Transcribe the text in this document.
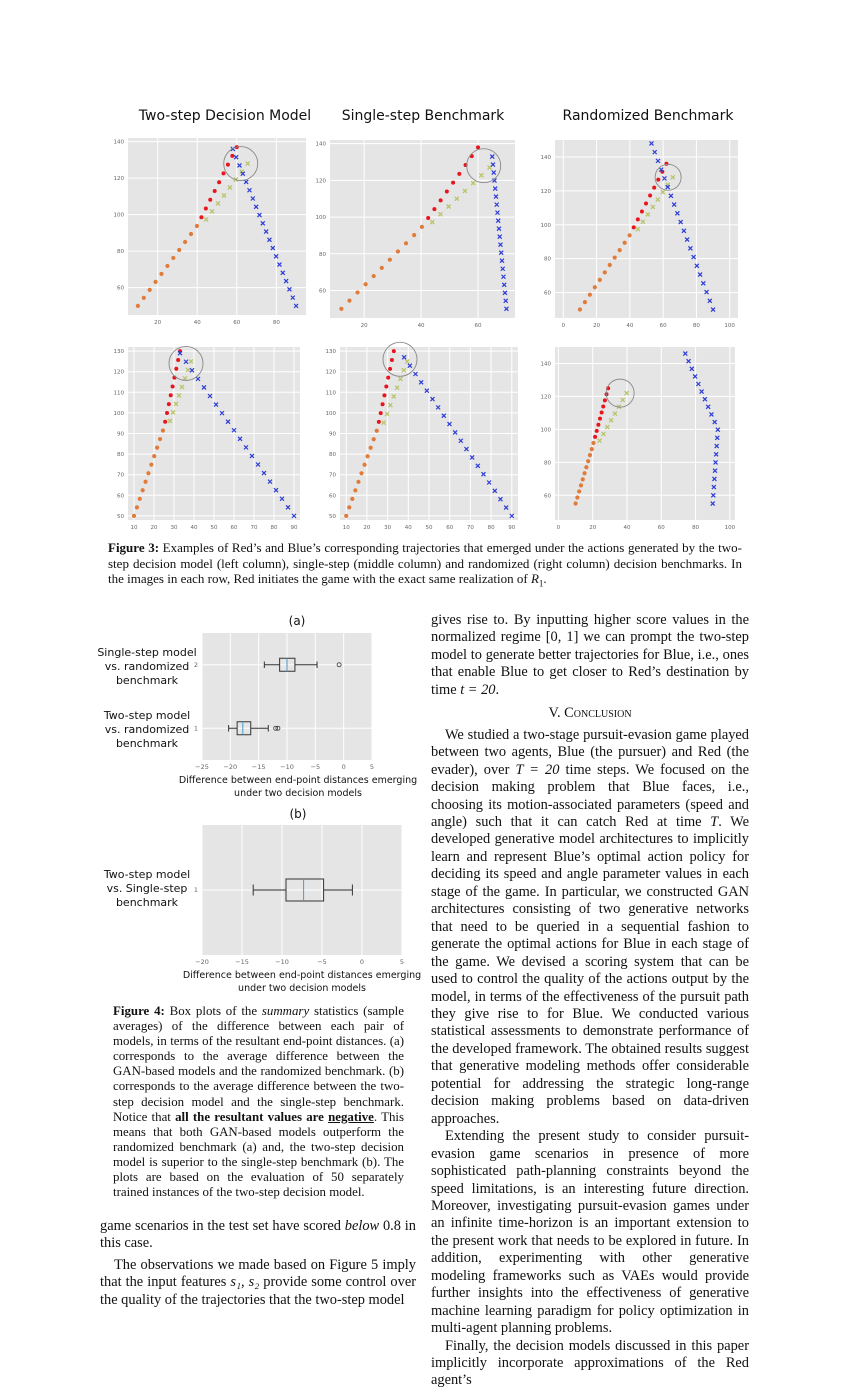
Two-step Decision Model	Single-step Benchmark	Randomized Benchmark
20	40	60	80
60
80
100
120
140
20	40	60
60
80
100
120
140
0	20	40	60	80	100
60
80
100
120
140
10 20 30 40 50 60 70 80 90
50
60
70
80
90
100
110
120
130
10 20 30 40 50 60 70 80 90
50
60
70
80
90
100
110
120
130
0	20	40	60	80	100
60
80
100
120
140
Figure 3: Examples of Red’s and Blue’s corresponding trajectories that emerged under the actions generated by the two-step decision model (left column), single-step (middle column) and randomized (right column) decision benchmarks. In the images in each row, Red initiates the game with the exact same realization of $R_1$.
(a)
(b)
Single-step model
vs. randomized
benchmark
Two-step model
vs. randomized
benchmark
Two-step model
vs. Single-step
benchmark
Difference between end-point distances emerging
under two decision models
Difference between end-point distances emerging
under two decision models
−25 −20 −15 −10	−5	0	5
2
1
−20	−15	−10	−5	0	5
1
Figure 4: Box plots of the summary statistics (sample averages) of the difference between each pair of models, in terms of the resultant end-point distances. (a) corresponds to the average difference between the GAN-based models and the randomized benchmark. (b) corresponds to the average difference between the two-step decision model and the single-step benchmark. Notice that all the resultant values are negative. This means that both GAN-based models outperform the randomized benchmark (a) and, the two-step decision model is superior to the single-step benchmark (b). The plots are based on the evaluation of 50 separately trained instances of the two-step decision model.

game scenarios in the test set have scored below 0.8 in this case.

The observations we made based on Figure 5 imply that the input features s₁, s₂ provide some control over the quality of the trajectories that the two-step model

gives rise to. By inputting higher score values in the normalized regime [0, 1] we can prompt the two-step model to generate better trajectories for Blue, i.e., ones that enable Blue to get closer to Red’s destination by time t = 20.

V. Conclusion

We studied a two-stage pursuit-evasion game played between two agents, Blue (the pursuer) and Red (the evader), over T = 20 time steps. We focused on the decision making problem that Blue faces, i.e., choosing its motion-associated parameters (speed and angle) such that it can catch Red at time T. We developed generative model architectures to implicitly learn and represent Blue’s optimal action policy for deciding its speed and angle parameter values in each stage of the game. In particular, we constructed GAN architectures consisting of two generative networks that need to be queried in a sequential fashion to generate the optimal actions for Blue in each stage of the game. We devised a scoring system that can be used to control the quality of the actions output by the model, in terms of the effectiveness of the pursuit path they give rise to for Blue. We conducted various statistical assessments to demonstrate performance of the developed framework. The obtained results suggest that generative modeling methods offer considerable potential for addressing the strategic long-range decision making problems based on data-driven approaches.

Extending the present study to consider pursuit-evasion game scenarios in presence of more sophisticated path-planning constraints beyond the speed limitations, is an interesting future direction. Moreover, investigating pursuit-evasion games under an infinite time-horizon is an important extension to the present work that needs to be explored in future. In addition, experimenting with other generative modeling frameworks such as VAEs would provide further insights into the effectiveness of generative machine learning paradigm for policy optimization in multi-agent planning problems.

Finally, the decision models discussed in this paper implicitly incorporate approximations of the Red agent’s
